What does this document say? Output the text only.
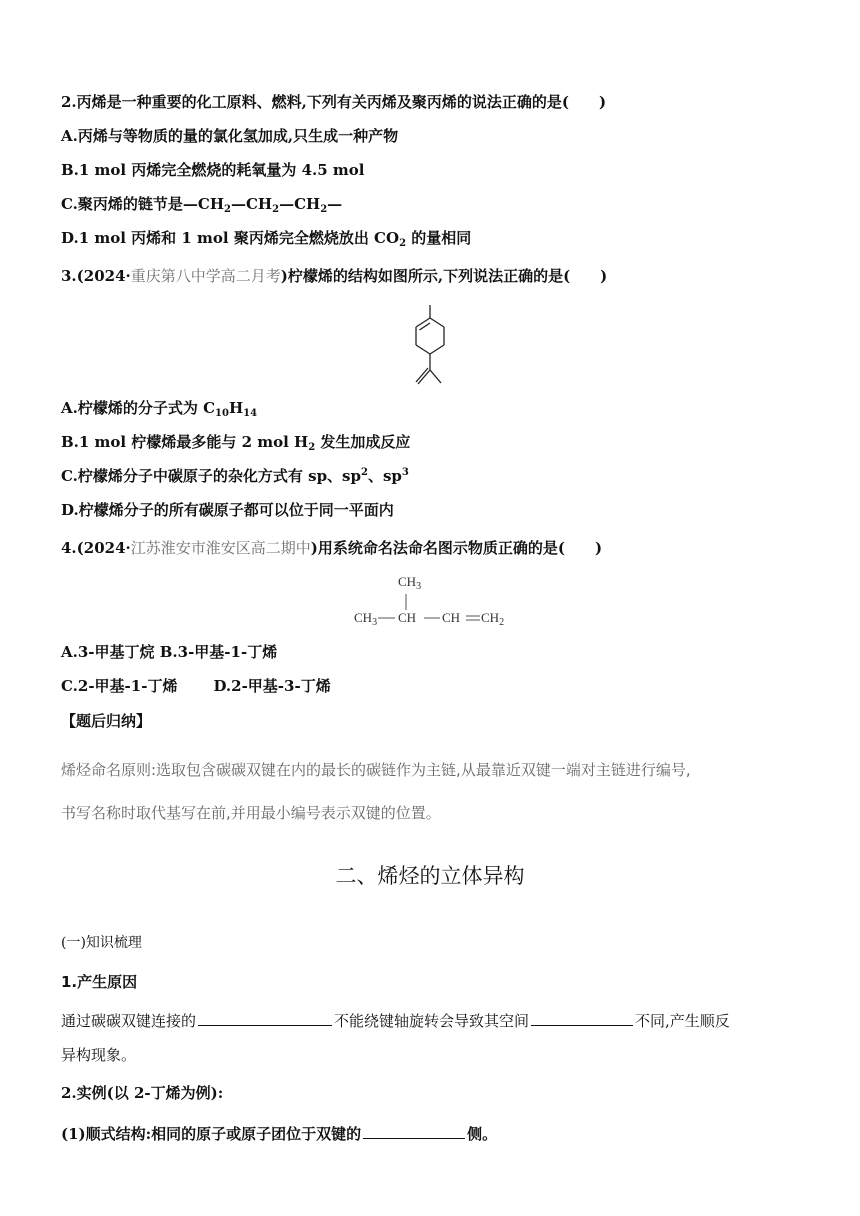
2.丙烯是一种重要的化工原料、燃料,下列有关丙烯及聚丙烯的说法正确的是(　　)
A.丙烯与等物质的量的氯化氢加成,只生成一种产物
B.1 mol 丙烯完全燃烧的耗氧量为 4.5 mol
C.聚丙烯的链节是$—CH_2—CH_2—CH_2—$
D.1 mol 丙烯和 1 mol 聚丙烯完全燃烧放出 $CO_2$ 的量相同
3.(2024·重庆第八中学高二月考)柠檬烯的结构如图所示,下列说法正确的是(　　)
A.柠檬烯的分子式为 $C_{10}H_{14}$
B.1 mol 柠檬烯最多能与 2 mol $H_2$ 发生加成反应
C.柠檬烯分子中碳原子的杂化方式有 sp、$sp^2$、$sp^3$
D.柠檬烯分子的所有碳原子都可以位于同一平面内
4.(2024·江苏淮安市淮安区高二期中)用系统命名法命名图示物质正确的是(　　)
$CH_3$
$CH_3$ CH CH $CH_2$
A.3-甲基丁烷 B.3-甲基-1-丁烯
C.2-甲基-1-丁烯 D.2-甲基-3-丁烯
【题后归纳】
烯烃命名原则:选取包含碳碳双键在内的最长的碳链作为主链,从最靠近双键一端对主链进行编号,
书写名称时取代基写在前,并用最小编号表示双键的位置。
二、烯烃的立体异构
(一)知识梳理
1.产生原因
通过碳碳双键连接的	不能绕键轴旋转会导致其空间	不同,产生顺反
异构现象。
2.实例(以 2-丁烯为例):
(1)顺式结构:相同的原子或原子团位于双键的	侧。
